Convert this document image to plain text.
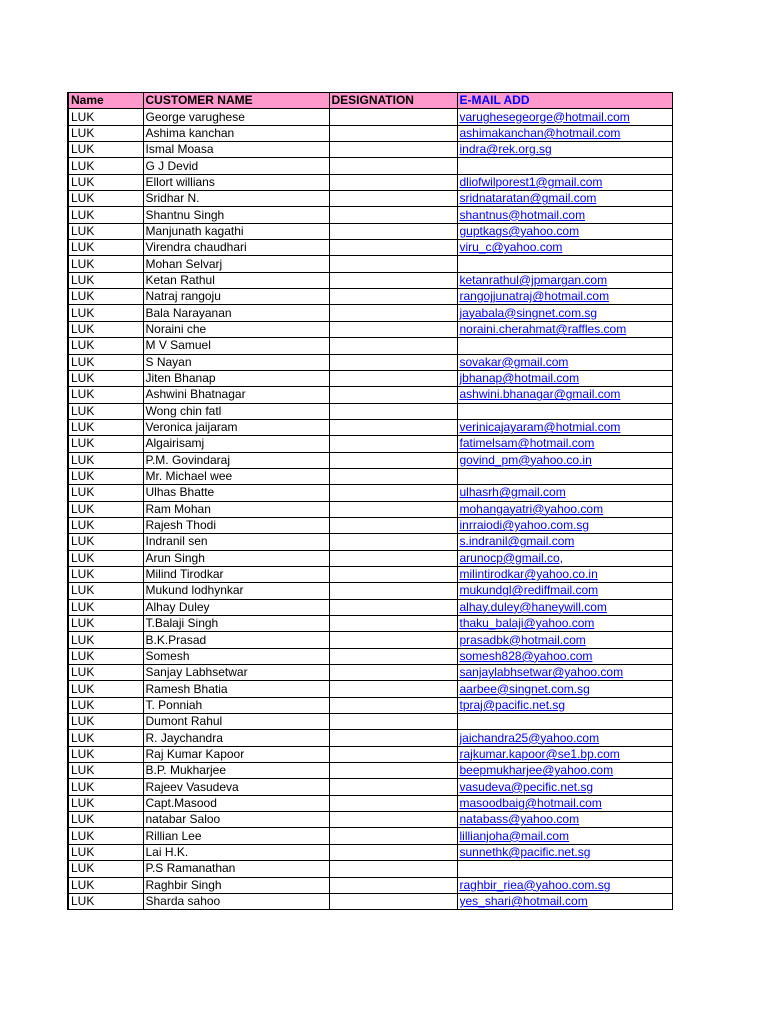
Name	CUSTOMER NAME	DESIGNATION	E-MAIL ADD
LUK	George varughese		varughesegeorge@hotmail.com
LUK	Ashima kanchan		ashimakanchan@hotmail.com
LUK	Ismal Moasa		indra@rek.org.sg
LUK	G J Devid		
LUK	Ellort willians		dliofwilporest1@gmail.com
LUK	Sridhar N.		sridnataratan@gmail.com
LUK	Shantnu Singh		shantnus@hotmail.com
LUK	Manjunath kagathi		guptkags@yahoo.com
LUK	Virendra chaudhari		viru_c@yahoo.com
LUK	Mohan Selvarj		
LUK	Ketan Rathul		ketanrathul@jpmargan.com
LUK	Natraj rangoju		rangojjunatraj@hotmail.com
LUK	Bala Narayanan		jayabala@singnet.com.sg
LUK	Noraini che		noraini.cherahmat@raffles.com
LUK	M V Samuel		
LUK	S Nayan		sovakar@gmail.com
LUK	Jiten Bhanap		jbhanap@hotmail.com
LUK	Ashwini Bhatnagar		ashwini.bhanagar@gmail.com
LUK	Wong chin fatl		
LUK	Veronica jaijaram		verinicajayaram@hotmial.com
LUK	Algairisamj		fatimelsam@hotmail.com
LUK	P.M. Govindaraj		govind_pm@yahoo.co.in
LUK	Mr. Michael wee		
LUK	Ulhas Bhatte		ulhasrh@gmail.com
LUK	Ram Mohan		mohangayatri@yahoo.com
LUK	Rajesh Thodi		inrraiodi@yahoo.com.sg
LUK	Indranil sen		s.indranil@gmail.com
LUK	Arun Singh		arunocp@gmail.co,
LUK	Milind Tirodkar		milintirodkar@yahoo.co.in
LUK	Mukund lodhynkar		mukundgl@rediffmail.com
LUK	Alhay Duley		alhay.duley@haneywill.com
LUK	T.Balaji Singh		thaku_balaji@yahoo.com
LUK	B.K.Prasad		prasadbk@hotmail.com
LUK	Somesh		somesh828@yahoo.com
LUK	Sanjay Labhsetwar		sanjaylabhsetwar@yahoo.com
LUK	Ramesh Bhatia		aarbee@singnet.com.sg
LUK	T. Ponniah		tpraj@pacific.net.sg
LUK	Dumont Rahul		
LUK	R. Jaychandra		jaichandra25@yahoo.com
LUK	Raj Kumar Kapoor		rajkumar.kapoor@se1.bp.com
LUK	B.P. Mukharjee		beepmukharjee@yahoo.com
LUK	Rajeev Vasudeva		vasudeva@pecific.net.sg
LUK	Capt.Masood		masoodbaig@hotmail.com
LUK	natabar Saloo		natabass@yahoo.com
LUK	Rillian Lee		lillianjoha@mail.com
LUK	Lai H.K.		sunnethk@pacific.net.sg
LUK	P.S Ramanathan		
LUK	Raghbir Singh		raghbir_riea@yahoo.com.sg
LUK	Sharda sahoo		yes_shari@hotmail.com
